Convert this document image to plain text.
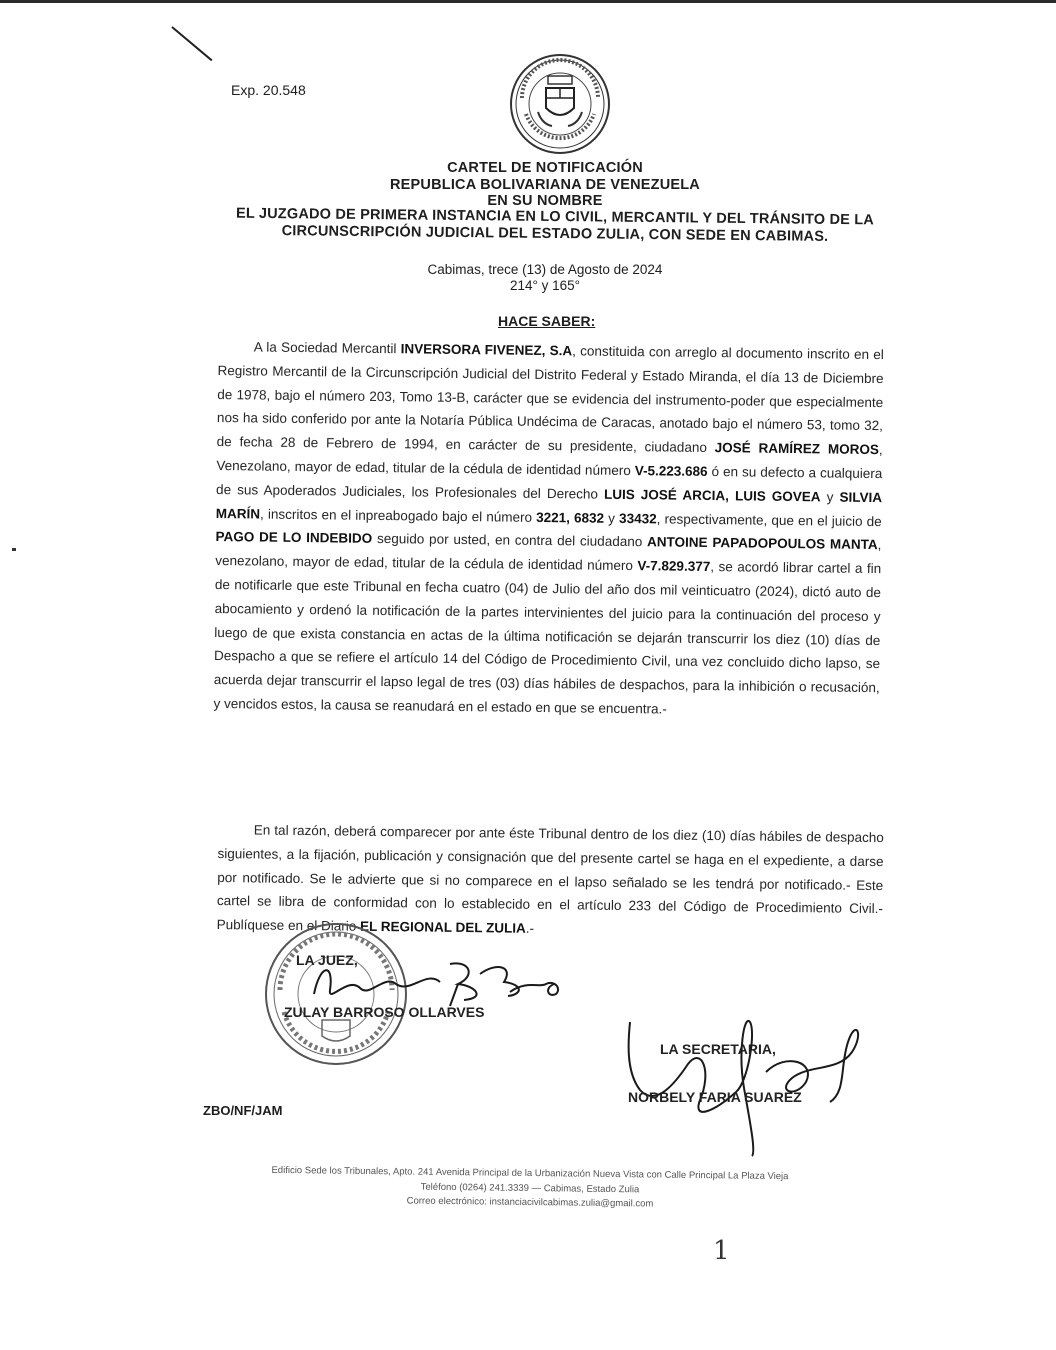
Exp. 20.548
CARTEL DE NOTIFICACIÓN
REPUBLICA BOLIVARIANA DE VENEZUELA
EN SU NOMBRE
EL JUZGADO DE PRIMERA INSTANCIA EN LO CIVIL, MERCANTIL Y DEL TRÁNSITO DE LA
CIRCUNSCRIPCIÓN JUDICIAL DEL ESTADO ZULIA, CON SEDE EN CABIMAS.
Cabimas, trece (13) de Agosto de 2024
214° y 165°
HACE SABER:
A la Sociedad Mercantil INVERSORA FIVENEZ, S.A, constituida con arreglo al documento inscrito en el Registro Mercantil de la Circunscripción Judicial del Distrito Federal y Estado Miranda, el día 13 de Diciembre de 1978, bajo el número 203, Tomo 13-B, carácter que se evidencia del instrumento-poder que especialmente nos ha sido conferido por ante la Notaría Pública Undécima de Caracas, anotado bajo el número 53, tomo 32, de fecha 28 de Febrero de 1994, en carácter de su presidente, ciudadano JOSÉ RAMÍREZ MOROS, Venezolano, mayor de edad, titular de la cédula de identidad número V-5.223.686 ó en su defecto a cualquiera de sus Apoderados Judiciales, los Profesionales del Derecho LUIS JOSÉ ARCIA, LUIS GOVEA y SILVIA MARÍN, inscritos en el inpreabogado bajo el número 3221, 6832 y 33432, respectivamente, que en el juicio de PAGO DE LO INDEBIDO seguido por usted, en contra del ciudadano ANTOINE PAPADOPOULOS MANTA, venezolano, mayor de edad, titular de la cédula de identidad número V-7.829.377, se acordó librar cartel a fin de notificarle que este Tribunal en fecha cuatro (04) de Julio del año dos mil veinticuatro (2024), dictó auto de abocamiento y ordenó la notificación de la partes intervinientes del juicio para la continuación del proceso y luego de que exista constancia en actas de la última notificación se dejarán transcurrir los diez (10) días de Despacho a que se refiere el artículo 14 del Código de Procedimiento Civil, una vez concluido dicho lapso, se acuerda dejar transcurrir el lapso legal de tres (03) días hábiles de despachos, para la inhibición o recusación, y vencidos estos, la causa se reanudará en el estado en que se encuentra.-
En tal razón, deberá comparecer por ante éste Tribunal dentro de los diez (10) días hábiles de despacho siguientes, a la fijación, publicación y consignación que del presente cartel se haga en el expediente, a darse por notificado. Se le advierte que si no comparece en el lapso señalado se les tendrá por notificado.- Este cartel se libra de conformidad con lo establecido en el artículo 233 del Código de Procedimiento Civil.- Publíquese en el Diario EL REGIONAL DEL ZULIA.-
LA JUEZ,
ZULAY BARROSO OLLARVES
LA SECRETARIA,
NORBELY FARIA SUAREZ
ZBO/NF/JAM
Edificio Sede los Tribunales, Apto. 241 Avenida Principal de la Urbanización Nueva Vista con Calle Principal La Plaza Vieja
Teléfono (0264) 241.3339 — Cabimas, Estado Zulia
Correo electrónico: instanciacivilcabimas.zulia@gmail.com
1
